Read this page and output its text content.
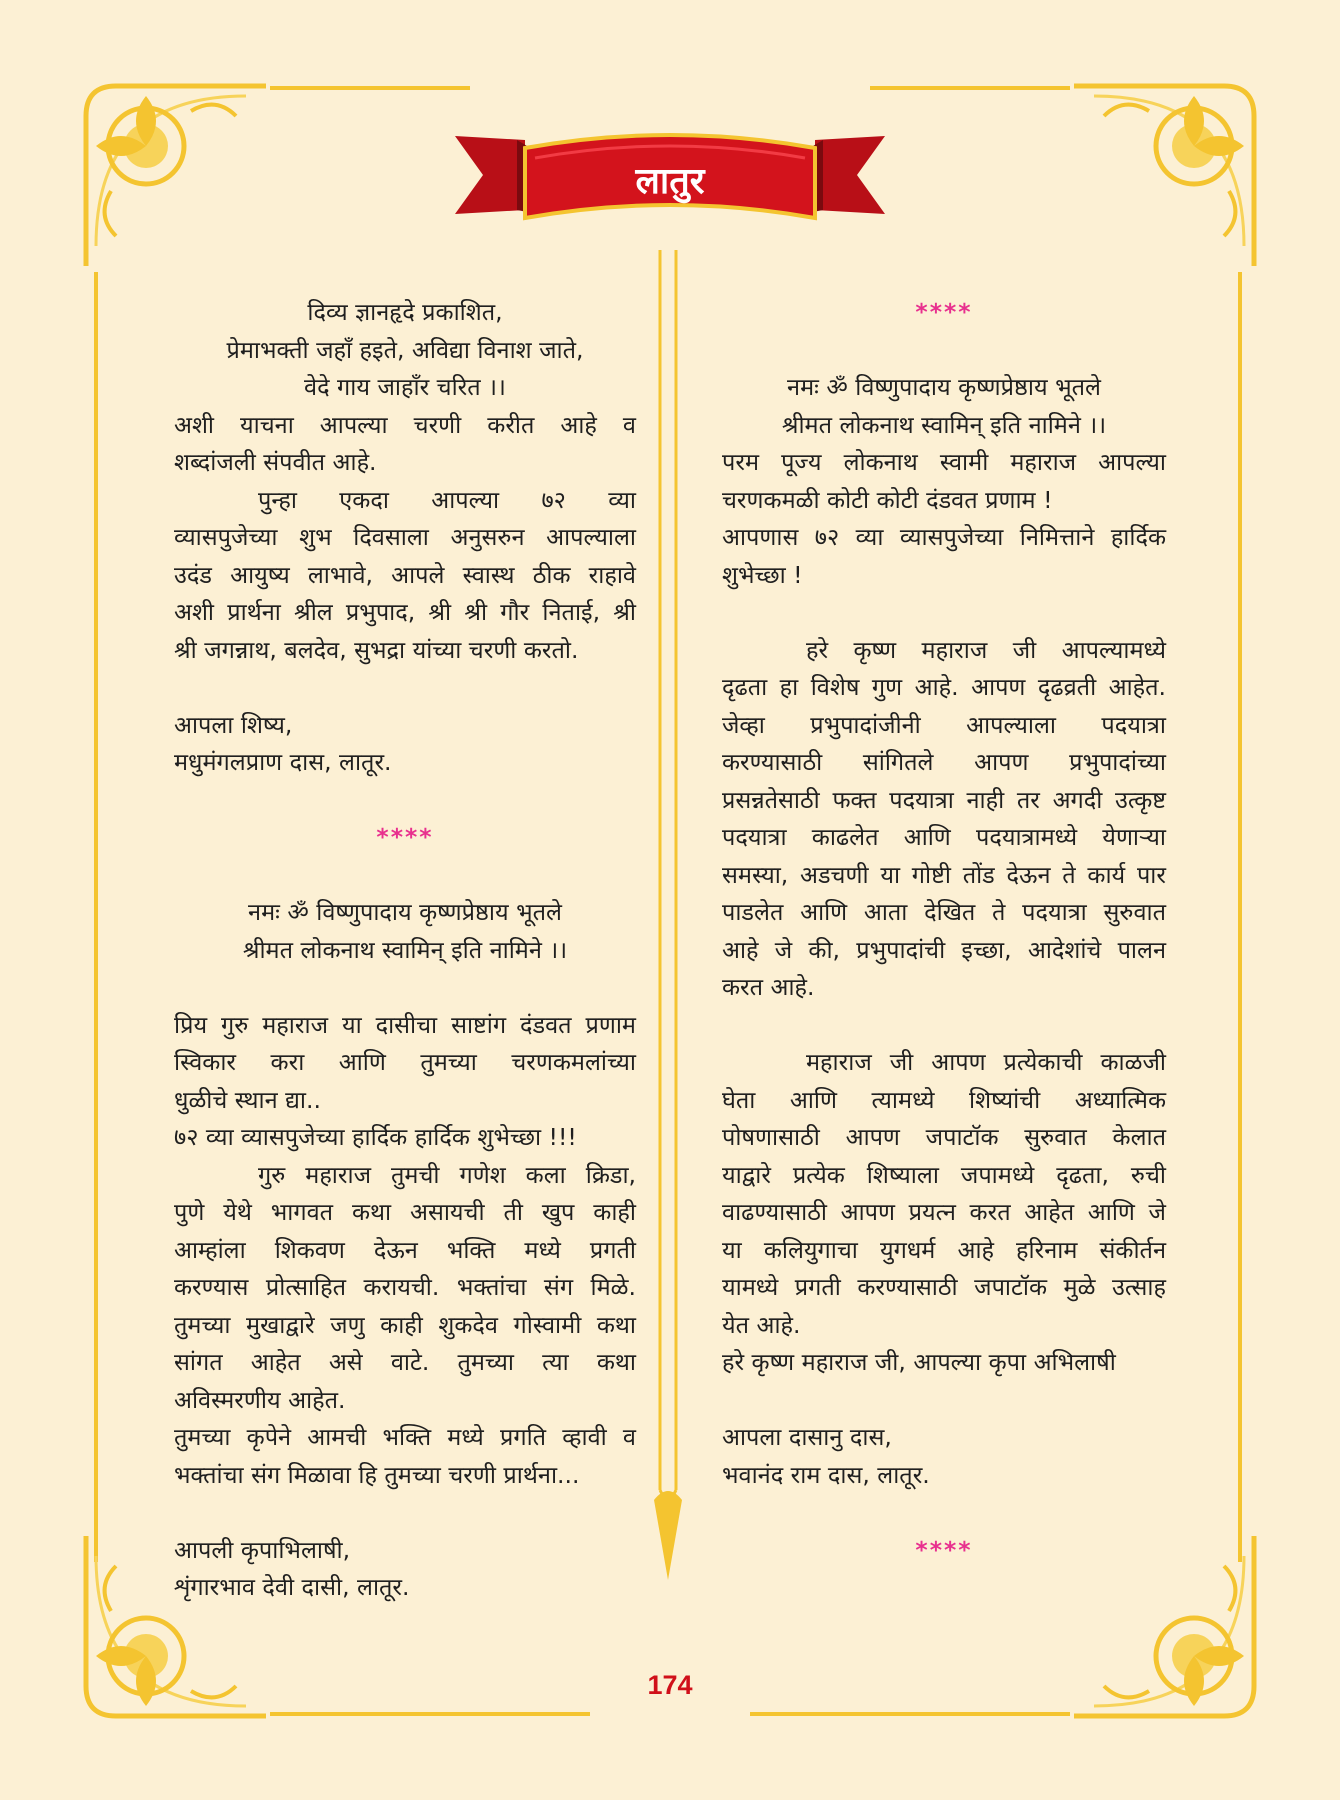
लातुर

दिव्य ज्ञानहृदे प्रकाशित,

प्रेमाभक्ती जहाँ हइते, अविद्या विनाश जाते,

वेदे गाय जाहाँर चरित ।।

अशी याचना आपल्या चरणी करीत आहे व

शब्दांजली संपवीत आहे.

पुन्हा एकदा आपल्या ७२ व्या

व्यासपुजेच्या शुभ दिवसाला अनुसरुन आपल्याला

उदंड आयुष्य लाभावे, आपले स्वास्थ ठीक राहावे

अशी प्रार्थना श्रील प्रभुपाद, श्री श्री गौर निताई, श्री

श्री जगन्नाथ, बलदेव, सुभद्रा यांच्या चरणी करतो.

आपला शिष्य,

मधुमंगलप्राण दास, लातूर.

****

नमः ॐ विष्णुपादाय कृष्णप्रेष्ठाय भूतले

श्रीमत लोकनाथ स्वामिन् इति नामिने ।।

प्रिय गुरु महाराज या दासीचा साष्टांग दंडवत प्रणाम

स्विकार करा आणि तुमच्या चरणकमलांच्या

धुळीचे स्थान द्या..

७२ व्या व्यासपुजेच्या हार्दिक हार्दिक शुभेच्छा !!!

गुरु महाराज तुमची गणेश कला क्रिडा,

पुणे येथे भागवत कथा असायची ती खुप काही

आम्हांला शिकवण देऊन भक्ति मध्ये प्रगती

करण्यास प्रोत्साहित करायची. भक्तांचा संग मिळे.

तुमच्या मुखाद्वारे जणु काही शुकदेव गोस्वामी कथा

सांगत आहेत असे वाटे. तुमच्या त्या कथा

अविस्मरणीय आहेत.

तुमच्या कृपेने आमची भक्ति मध्ये प्रगति व्हावी व

भक्तांचा संग मिळावा हि तुमच्या चरणी प्रार्थना...

आपली कृपाभिलाषी,

शृंगारभाव देवी दासी, लातूर.

****

नमः ॐ विष्णुपादाय कृष्णप्रेष्ठाय भूतले

श्रीमत लोकनाथ स्वामिन् इति नामिने ।।

परम पूज्य लोकनाथ स्वामी महाराज आपल्या

चरणकमळी कोटी कोटी दंडवत प्रणाम !

आपणास ७२ व्या व्यासपुजेच्या निमित्ताने हार्दिक

शुभेच्छा !

हरे कृष्ण महाराज जी आपल्यामध्ये

दृढता हा विशेष गुण आहे. आपण दृढव्रती आहेत.

जेव्हा प्रभुपादांजीनी आपल्याला पदयात्रा

करण्यासाठी सांगितले आपण प्रभुपादांच्या

प्रसन्नतेसाठी फक्त पदयात्रा नाही तर अगदी उत्कृष्ट

पदयात्रा काढलेत आणि पदयात्रामध्ये येणाऱ्या

समस्या, अडचणी या गोष्टी तोंड देऊन ते कार्य पार

पाडलेत आणि आता देखित ते पदयात्रा सुरुवात

आहे जे की, प्रभुपादांची इच्छा, आदेशांचे पालन

करत आहे.

महाराज जी आपण प्रत्येकाची काळजी

घेता आणि त्यामध्ये शिष्यांची अध्यात्मिक

पोषणासाठी आपण जपाटॉक सुरुवात केलात

याद्वारे प्रत्येक शिष्याला जपामध्ये दृढता, रुची

वाढण्यासाठी आपण प्रयत्न करत आहेत आणि जे

या कलियुगाचा युगधर्म आहे हरिनाम संकीर्तन

यामध्ये प्रगती करण्यासाठी जपाटॉक मुळे उत्साह

येत आहे.

हरे कृष्ण महाराज जी, आपल्या कृपा अभिलाषी

आपला दासानु दास,

भवानंद राम दास, लातूर.

****

174
